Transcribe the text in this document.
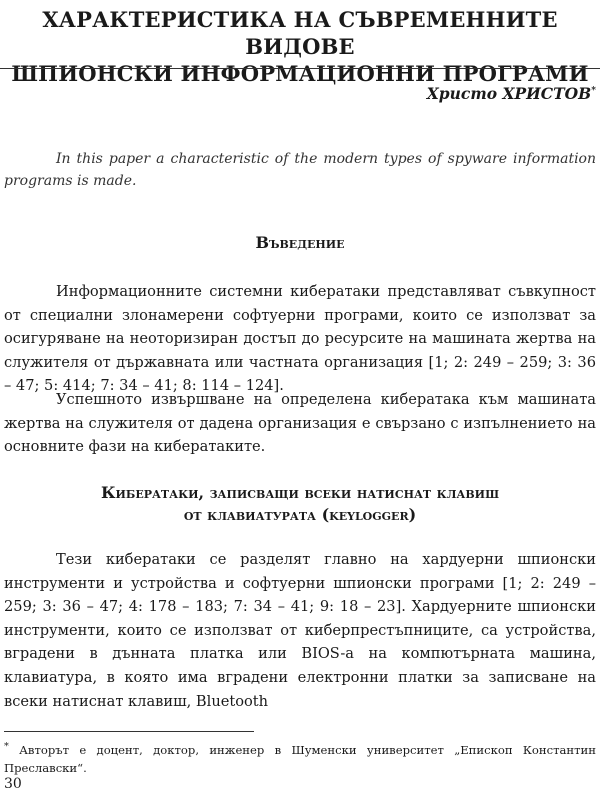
ХАРАКТЕРИСТИКА НА СЪВРЕМЕННИТЕ ВИДОВЕ
ШПИОНСКИ ИНФОРМАЦИОННИ ПРОГРАМИ
Христо ХРИСТОВ*
In this paper a characteristic of the modern types of spyware information programs is made.
Въведение
Информационните системни кибератаки представляват съвкупност от специални злонамерени софтуерни програми, които се използват за осигуряване на неоторизиран достъп до ресурсите на машината жертва на служителя от държавната или частната организация [1; 2: 249 – 259; 3: 36 – 47; 5: 414; 7: 34 – 41; 8: 114 – 124].
Успешното извършване на определена кибератака към машината жертва на служителя от дадена организация е свързано с изпълнението на основните фази на кибератаките.
Кибератаки, записващи всеки натиснат клавиш
от клавиатурата (keylogger)
Тези кибератаки се разделят главно на хардуерни шпионски инструменти и устройства и софтуерни шпионски програми [1; 2: 249 – 259; 3: 36 – 47; 4: 178 – 183; 7: 34 – 41; 9: 18 – 23]. Хардуерните шпионски инструменти, които се използват от киберпрестъпниците, са устройства, вградени в дънната платка или BIOS-а на компютърната машина, клавиатура, в която има вградени електронни платки за записване на всеки натиснат клавиш, Bluetooth
* Авторът е доцент, доктор, инженер в Шуменски университет „Епископ Константин Преславски“.
30
